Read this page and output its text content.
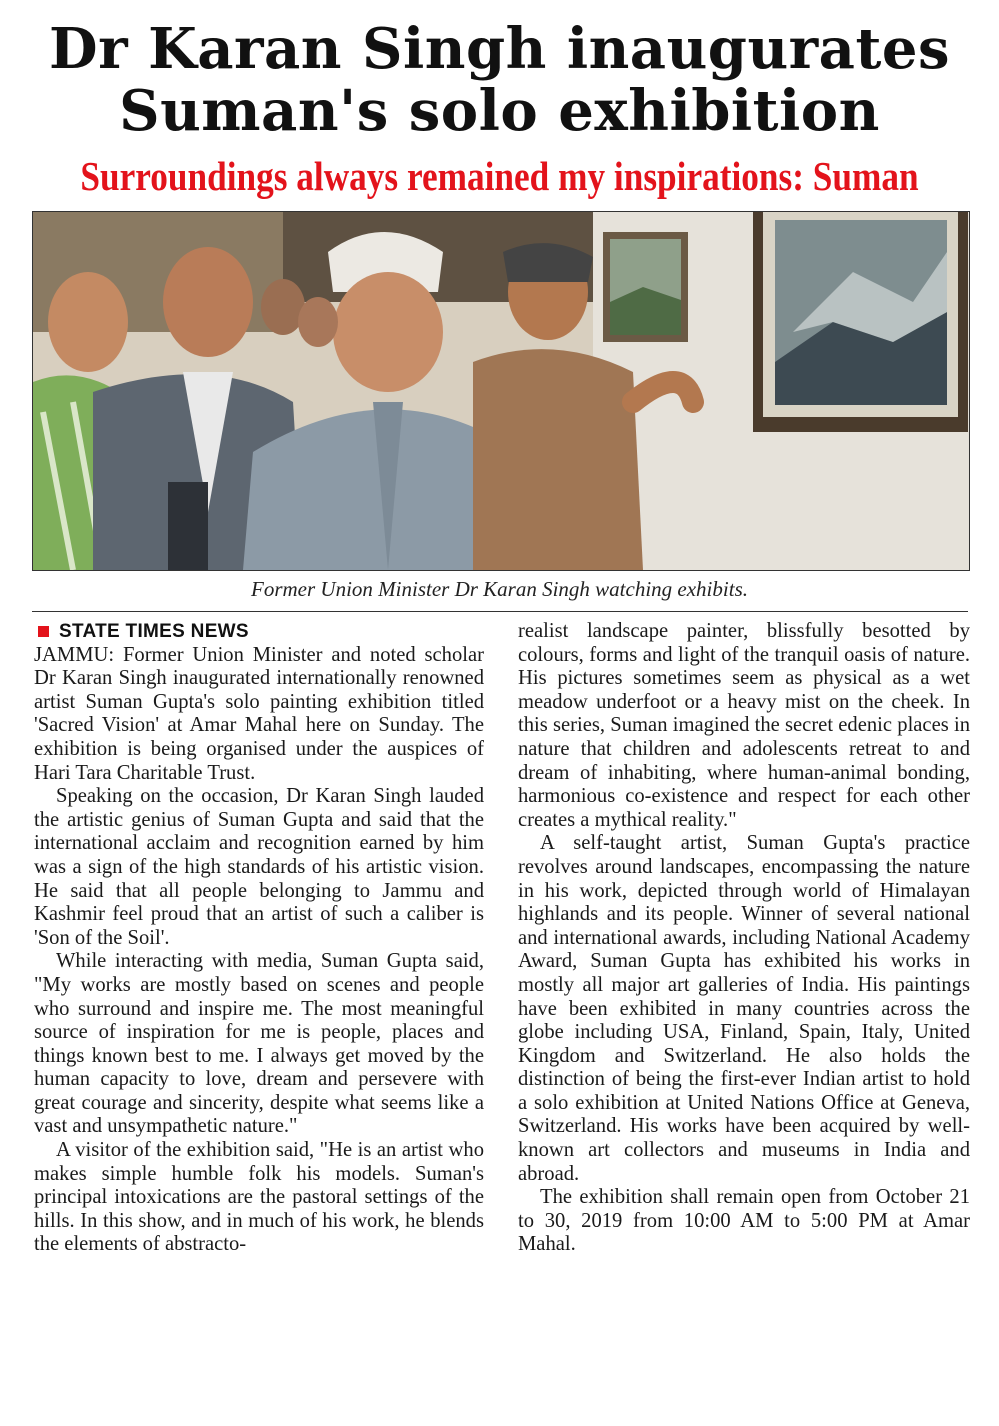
Dr Karan Singh inaugurates
Suman's solo exhibition
Surroundings always remained my inspirations: Suman
Former Union Minister Dr Karan Singh watching exhibits.
STATE TIMES NEWS

JAMMU: Former Union Minister and noted scholar Dr Karan Singh inaugurated internationally renowned artist Suman Gupta's solo painting exhibition titled 'Sacred Vision' at Amar Mahal here on Sunday. The exhibition is being organised under the auspices of Hari Tara Charitable Trust.

Speaking on the occasion, Dr Karan Singh lauded the artistic genius of Suman Gupta and said that the international acclaim and recognition earned by him was a sign of the high standards of his artistic vision. He said that all people belonging to Jammu and Kashmir feel proud that an artist of such a caliber is 'Son of the Soil'.

While interacting with media, Suman Gupta said, "My works are mostly based on scenes and people who surround and inspire me. The most meaningful source of inspiration for me is people, places and things known best to me. I always get moved by the human capacity to love, dream and persevere with great courage and sincerity, despite what seems like a vast and unsympathetic nature."

A visitor of the exhibition said, "He is an artist who makes simple humble folk his models. Suman's principal intoxications are the pastoral settings of the hills. In this show, and in much of his work, he blends the elements of abstracto-

realist landscape painter, blissfully besotted by colours, forms and light of the tranquil oasis of nature. His pictures sometimes seem as physical as a wet meadow underfoot or a heavy mist on the cheek. In this series, Suman imagined the secret edenic places in nature that children and adolescents retreat to and dream of inhabiting, where human-animal bonding, harmonious co-existence and respect for each other creates a mythical reality."

A self-taught artist, Suman Gupta's practice revolves around landscapes, encompassing the nature in his work, depicted through world of Himalayan highlands and its people. Winner of several national and international awards, including National Academy Award, Suman Gupta has exhibited his works in mostly all major art galleries of India. His paintings have been exhibited in many countries across the globe including USA, Finland, Spain, Italy, United Kingdom and Switzerland. He also holds the distinction of being the first-ever Indian artist to hold a solo exhibition at United Nations Office at Geneva, Switzerland. His works have been acquired by well-known art collectors and museums in India and abroad.

The exhibition shall remain open from October 21 to 30, 2019 from 10:00 AM to 5:00 PM at Amar Mahal.
